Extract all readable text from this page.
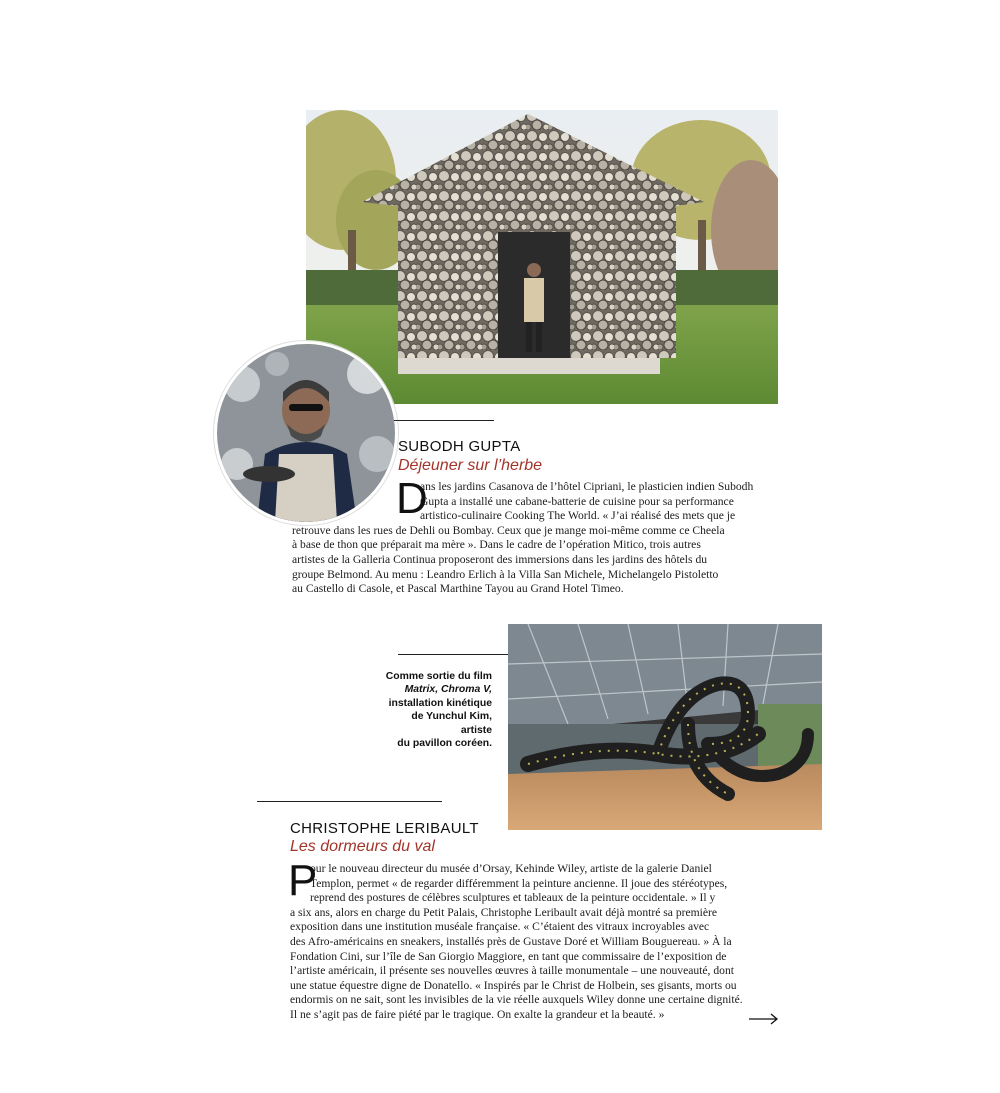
SUBODH GUPTA
Déjeuner sur l’herbe
D
ans les jardins Casanova de l’hôtel Cipriani, le plasticien indien Subodh
Gupta a installé une cabane-batterie de cuisine pour sa performance
artistico-culinaire Cooking The World. « J’ai réalisé des mets que je
retrouve dans les rues de Dehli ou Bombay. Ceux que je mange moi-même comme ce Cheela
à base de thon que préparait ma mère ». Dans le cadre de l’opération Mitico, trois autres
artistes de la Galleria Continua proposeront des immersions dans les jardins des hôtels du
groupe Belmond. Au menu : Leandro Erlich à la Villa San Michele, Michelangelo Pistoletto
au Castello di Casole, et Pascal Marthine Tayou au Grand Hotel Timeo.
Comme sortie du film
Matrix, Chroma V,
installation kinétique
de Yunchul Kim, artiste
du pavillon coréen.
CHRISTOPHE LERIBAULT
Les dormeurs du val
P
our le nouveau directeur du musée d’Orsay, Kehinde Wiley, artiste de la galerie Daniel
Templon, permet « de regarder différemment la peinture ancienne. Il joue des stéréotypes,
reprend des postures de célèbres sculptures et tableaux de la peinture occidentale. » Il y
a six ans, alors en charge du Petit Palais, Christophe Leribault avait déjà montré sa première
exposition dans une institution muséale française. « C’étaient des vitraux incroyables avec
des Afro-américains en sneakers, installés près de Gustave Doré et William Bouguereau. » À la
Fondation Cini, sur l’île de San Giorgio Maggiore, en tant que commissaire de l’exposition de
l’artiste américain, il présente ses nouvelles œuvres à taille monumentale – une nouveauté, dont
une statue équestre digne de Donatello. « Inspirés par le Christ de Holbein, ses gisants, morts ou
endormis on ne sait, sont les invisibles de la vie réelle auxquels Wiley donne une certaine dignité.
Il ne s’agit pas de faire piété par le tragique. On exalte la grandeur et la beauté. »
